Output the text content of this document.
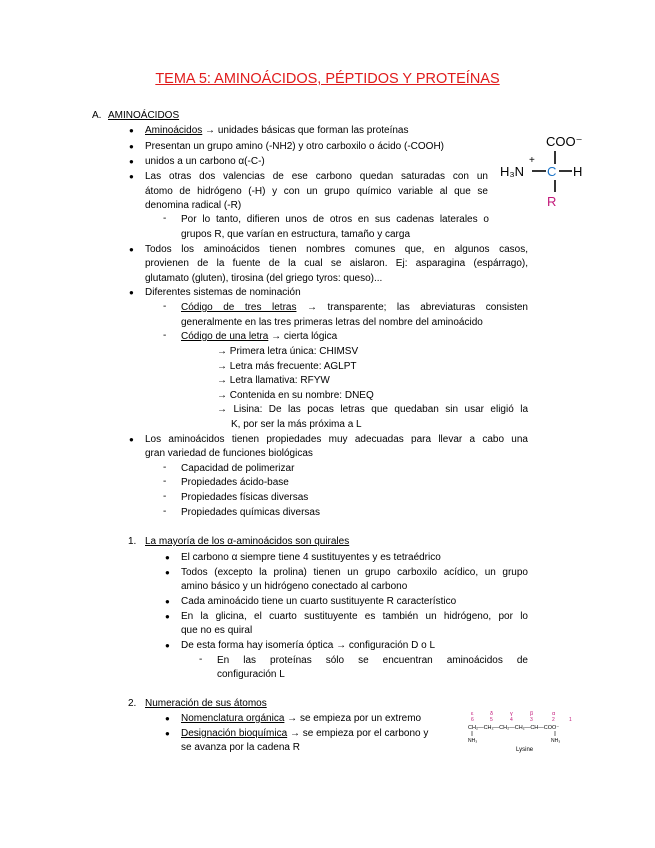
TEMA 5: AMINOÁCIDOS, PÉPTIDOS Y PROTEÍNAS
A. AMINOÁCIDOS
● Aminoácidos → unidades básicas que forman las proteínas
● Presentan un grupo amino (-NH2) y otro carboxilo o ácido (-COOH)
● unidos a un carbono α(-C-)
● Las otras dos valencias de ese carbono quedan saturadas con un
átomo de hidrógeno (-H) y con un grupo químico variable al que se
denomina radical (-R)
- Por lo tanto, difieren unos de otros en sus cadenas laterales o
grupos R, que varían en estructura, tamaño y carga
● Todos los aminoácidos tienen nombres comunes que, en algunos casos,
provienen de la fuente de la cual se aislaron. Ej: asparagina (espárrago),
glutamato (gluten), tirosina (del griego tyros: queso)...
● Diferentes sistemas de nominación
- Código de tres letras → transparente; las abreviaturas consisten
generalmente en las tres primeras letras del nombre del aminoácido
- Código de una letra → cierta lógica
→ Primera letra única: CHIMSV
→ Letra más frecuente: AGLPT
→ Letra llamativa: RFYW
→ Contenida en su nombre: DNEQ
→ Lisina: De las pocas letras que quedaban sin usar eligió la
K, por ser la más próxima a L
● Los aminoácidos tienen propiedades muy adecuadas para llevar a cabo una
gran variedad de funciones biológicas
- Capacidad de polimerizar
- Propiedades ácido-base
- Propiedades físicas diversas
- Propiedades químicas diversas
COO⁻
+
H₃N C H
R
1. La mayoría de los α-aminoácidos son quirales
● El carbono α siempre tiene 4 sustituyentes y es tetraédrico
● Todos (excepto la prolina) tienen un grupo carboxilo acídico, un grupo
amino básico y un hidrógeno conectado al carbono
● Cada aminoácido tiene un cuarto sustituyente R característico
● En la glicina, el cuarto sustituyente es también un hidrógeno, por lo
que no es quiral
● De esta forma hay isomería óptica → configuración D o L
- En las proteínas sólo se encuentran aminoácidos de
configuración L
2. Numeración de sus átomos
● Nomenclatura orgánica → se empieza por un extremo
● Designación bioquímica → se empieza por el carbono y
se avanza por la cadena R
ε	δ	γ	β	α
6	5	4	3	2	1
CH₂—CH₂—CH₂—CH₂—CH—COO⁻
NH₃	NH₃
Lysine
